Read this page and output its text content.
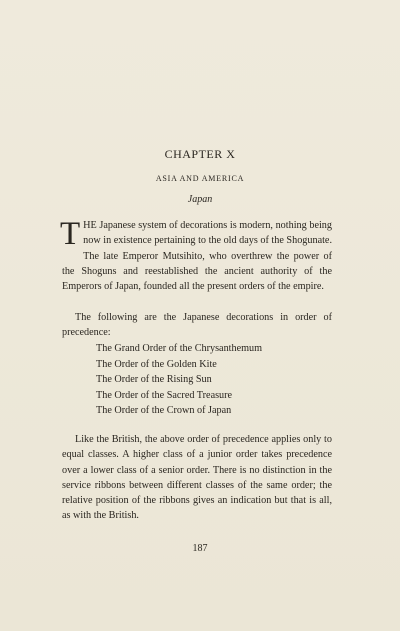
CHAPTER X
ASIA AND AMERICA
Japan
THE Japanese system of decorations is modern, nothing being now in existence pertaining to the old days of the Shogunate. The late Emperor Mutsihito, who overthrew the power of the Shoguns and reestablished the ancient authority of the Emperors of Japan, founded all the present orders of the empire.
The following are the Japanese decorations in order of precedence:
The Grand Order of the Chrysanthemum
The Order of the Golden Kite
The Order of the Rising Sun
The Order of the Sacred Treasure
The Order of the Crown of Japan
Like the British, the above order of precedence applies only to equal classes. A higher class of a junior order takes precedence over a lower class of a senior order. There is no distinction in the service ribbons between different classes of the same order; the relative position of the ribbons gives an indication but that is all, as with the British.
187
